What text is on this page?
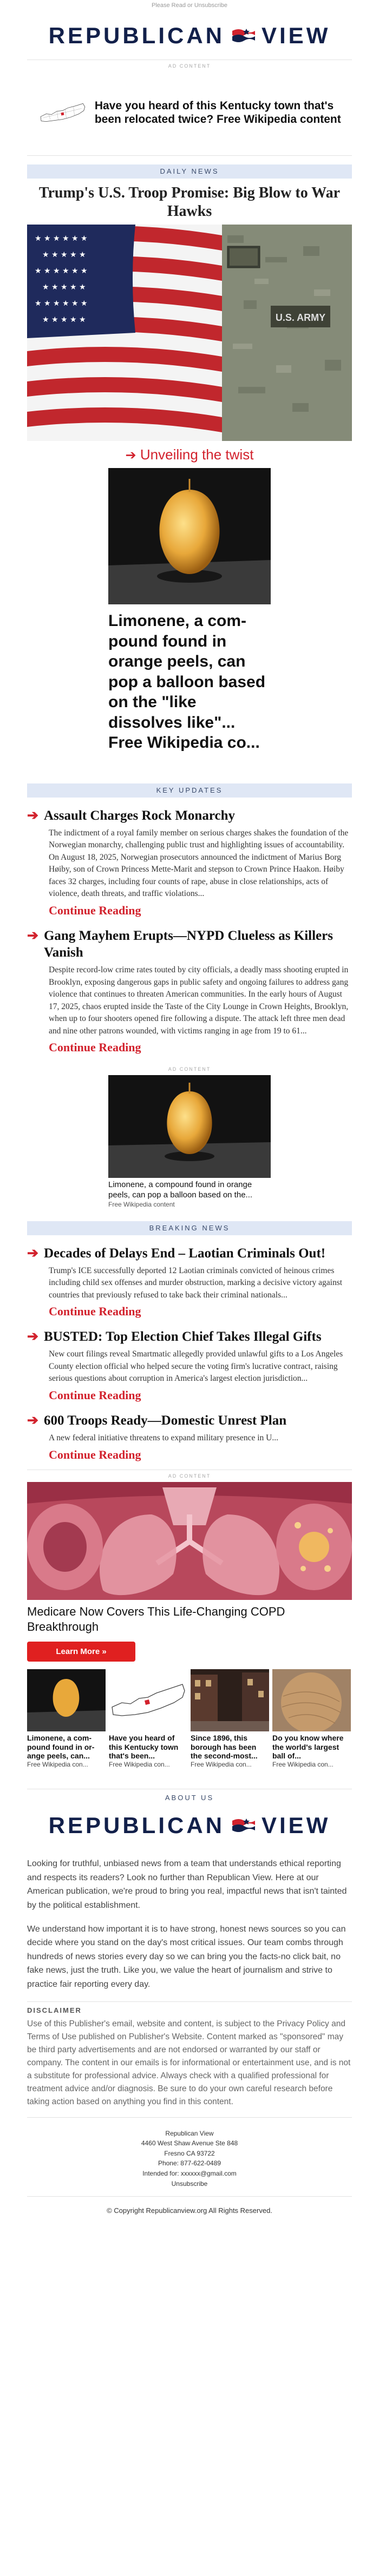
Please Read or Unsubscribe
REPUBLICAN VIEW
AD CONTENT
Have you heard of this Kentucky town that's been relocated twice? Free Wikipedia content
DAILY NEWS
Trump's U.S. Troop Promise: Big Blow to War Hawks
★ ★ ★ ★ ★ ★
★ ★ ★ ★ ★
★ ★ ★ ★ ★ ★
★ ★ ★ ★ ★
★ ★ ★ ★ ★ ★
★ ★ ★ ★ ★	U.S. ARMY
➔ Unveiling the twist
Limonene, a com-pound found in orange peels, can pop a balloon based on the "like dissolves like"... Free Wikipedia co...
KEY UPDATES
➔ Assault Charges Rock Monarchy

The indictment of a royal family member on serious charges shakes the foundation of the Norwegian monarchy, challenging public trust and highlighting issues of accountability. On August 18, 2025, Norwegian prosecutors announced the indictment of Marius Borg Høiby, son of Crown Princess Mette-Marit and stepson to Crown Prince Haakon. Høiby faces 32 charges, including four counts of rape, abuse in close relationships, acts of violence, death threats, and traffic violations...

Continue Reading
➔ Gang Mayhem Erupts—NYPD Clueless as Killers Vanish

Despite record-low crime rates touted by city officials, a deadly mass shooting erupted in Brooklyn, exposing dangerous gaps in public safety and ongoing failures to address gang violence that continues to threaten American communities. In the early hours of August 17, 2025, chaos erupted inside the Taste of the City Lounge in Crown Heights, Brooklyn, when up to four shooters opened fire following a dispute. The attack left three men dead and nine other patrons wounded, with victims ranging in age from 19 to 61...

Continue Reading
AD CONTENT
Limonene, a compound found in orange peels, can pop a balloon based on the...
Free Wikipedia content
BREAKING NEWS
➔ Decades of Delays End – Laotian Criminals Out!

Trump's ICE successfully deported 12 Laotian criminals convicted of heinous crimes including child sex offenses and murder obstruction, marking a decisive victory against countries that previously refused to take back their criminal nationals...

Continue Reading
➔ BUSTED: Top Election Chief Takes Illegal Gifts

New court filings reveal Smartmatic allegedly provided unlawful gifts to a Los Angeles County election official who helped secure the voting firm's lucrative contract, raising serious questions about corruption in America's largest election jurisdiction...

Continue Reading
➔ 600 Troops Ready—Domestic Unrest Plan

A new federal initiative threatens to expand military presence in U...

Continue Reading
AD CONTENT
Medicare Now Covers This Life-Changing COPD Breakthrough
Learn More »
Limonene, a com-pound found in or-ange peels, can...
Free Wikipedia con...
Have you heard of this Kentucky town that's been...
Free Wikipedia con...
Since 1896, this borough has been the second-most...
Free Wikipedia con...
Do you know where the world's largest ball of...
Free Wikipedia con...
ABOUT US
REPUBLICAN VIEW

Looking for truthful, unbiased news from a team that understands ethical reporting and respects its readers? Look no further than Republican View. Here at our American publication, we're proud to bring you real, impactful news that isn't tainted by the political establishment.

We understand how important it is to have strong, honest news sources so you can decide where you stand on the day's most critical issues. Our team combs through hundreds of news stories every day so we can bring you the facts-no click bait, no fake news, just the truth. Like you, we value the heart of journalism and strive to practice fair reporting every day.

DISCLAIMER

Use of this Publisher's email, website and content, is subject to the Privacy Policy and Terms of Use published on Publisher's Website. Content marked as "sponsored" may be third party advertisements and are not endorsed or warranted by our staff or company. The content in our emails is for informational or entertainment use, and is not a substitute for professional advice. Always check with a qualified professional for treatment advice and/or diagnosis. Be sure to do your own careful research before taking action based on anything you find in this content.

Republican View
4460 West Shaw Avenue Ste 848
Fresno CA 93722
Phone: 877-622-0489
Intended for: xxxxxx@gmail.com
Unsubscribe
© Copyright Republicanview.org All Rights Reserved.
